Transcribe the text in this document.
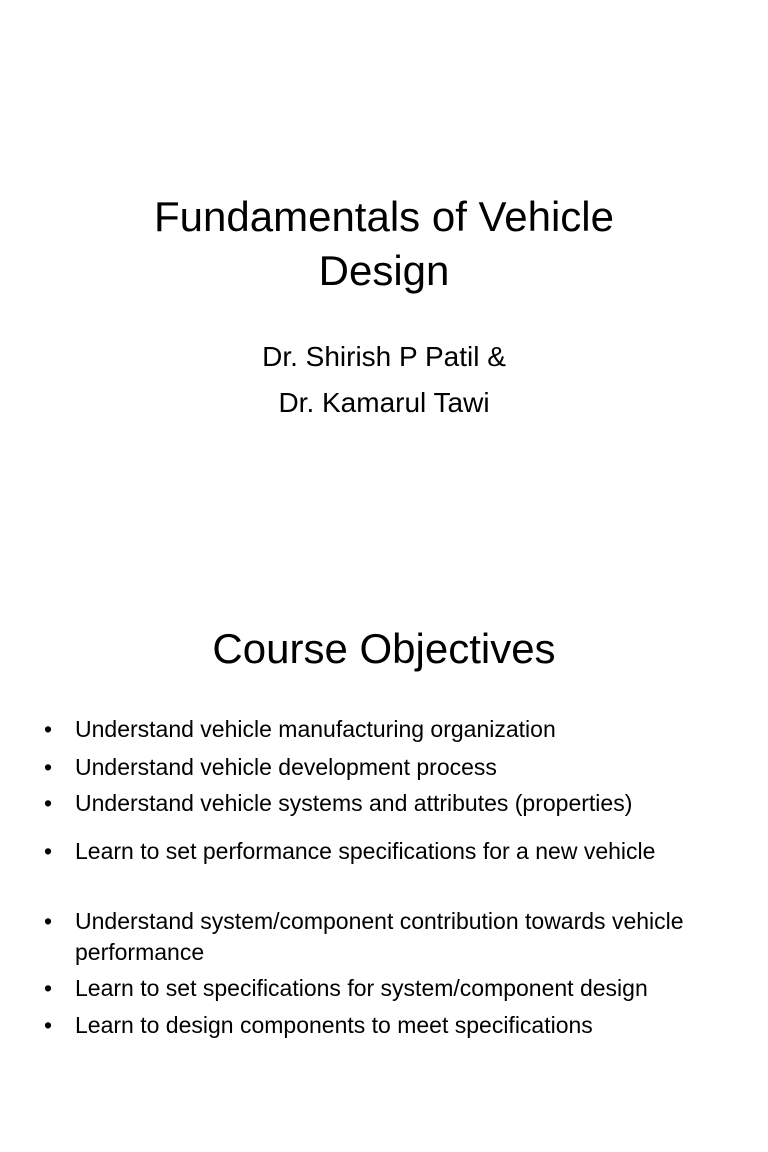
Fundamentals of Vehicle
Design
Dr. Shirish P Patil &
Dr. Kamarul Tawi
Course Objectives
• Understand vehicle manufacturing organization
• Understand vehicle development process
• Understand vehicle systems and attributes (properties)
• Learn to set performance specifications for a new vehicle
• Understand system/component contribution towards vehicle performance
• Learn to set specifications for system/component design
• Learn to design components to meet specifications
